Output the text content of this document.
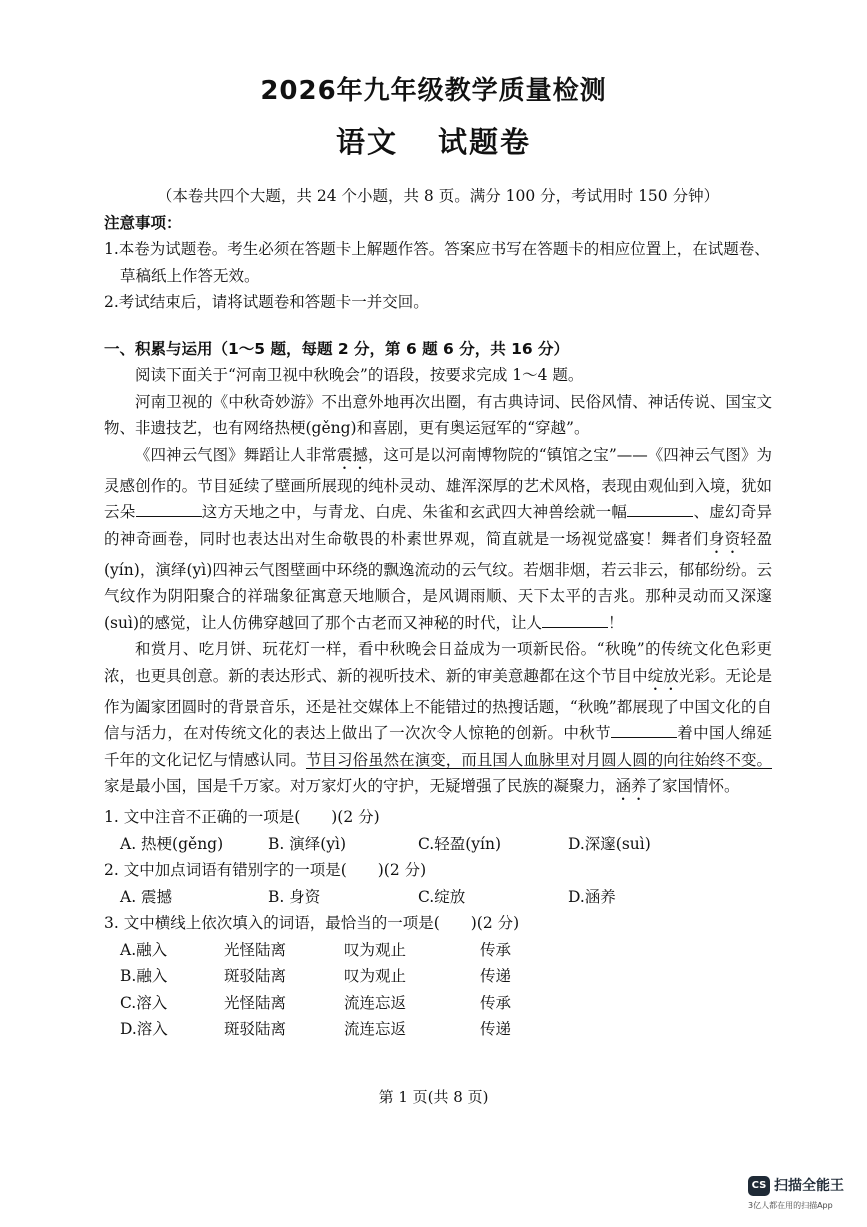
2026年九年级教学质量检测
语文 试题卷

（本卷共四个大题，共 24 个小题，共 8 页。满分 100 分，考试用时 150 分钟）

注意事项：

1.本卷为试题卷。考生必须在答题卡上解题作答。答案应书写在答题卡的相应位置上，在试题卷、草稿纸上作答无效。

2.考试结束后，请将试题卷和答题卡一并交回。

一、积累与运用（1～5 题，每题 2 分，第 6 题 6 分，共 16 分）

阅读下面关于“河南卫视中秋晚会”的语段，按要求完成 1～4 题。

河南卫视的《中秋奇妙游》不出意外地再次出圈，有古典诗词、民俗风情、神话传说、国宝文物、非遗技艺，也有网络热梗(gěng)和喜剧，更有奥运冠军的“穿越”。

《四神云气图》舞蹈让人非常震撼，这可是以河南博物院的“镇馆之宝”——《四神云气图》为灵感创作的。节目延续了壁画所展现的纯朴灵动、雄浑深厚的艺术风格，表现由观仙到入境，犹如云朵	这方天地之中，与青龙、白虎、朱雀和玄武四大神兽绘就一幅	、虚幻奇异的神奇画卷，同时也表达出对生命敬畏的朴素世界观，简直就是一场视觉盛宴！舞者们身资轻盈(yín)，演绎(yì)四神云气图壁画中环绕的飘逸流动的云气纹。若烟非烟，若云非云，郁郁纷纷。云气纹作为阴阳聚合的祥瑞象征寓意天地顺合，是风调雨顺、天下太平的吉兆。那种灵动而又深邃(suì)的感觉，让人仿佛穿越回了那个古老而又神秘的时代，让人	！

和赏月、吃月饼、玩花灯一样，看中秋晚会日益成为一项新民俗。“秋晚”的传统文化色彩更浓，也更具创意。新的表达形式、新的视听技术、新的审美意趣都在这个节目中绽放光彩。无论是作为阖家团圆时的背景音乐，还是社交媒体上不能错过的热搜话题，“秋晚”都展现了中国文化的自信与活力，在对传统文化的表达上做出了一次次令人惊艳的创新。中秋节	着中国人绵延千年的文化记忆与情感认同。节目习俗虽然在演变，而且国人血脉里对月圆人圆的向往始终不变。家是最小国，国是千万家。对万家灯火的守护，无疑增强了民族的凝聚力，涵养了家国情怀。

1. 文中注音不正确的一项是(　　)(2 分)

A. 热梗(gěng)	B. 演绎(yì)	C.轻盈(yín)	D.深邃(suì)

2. 文中加点词语有错别字的一项是(　　)(2 分)

A. 震撼	B. 身资	C.绽放	D.涵养

3. 文中横线上依次填入的词语，最恰当的一项是(　　)(2 分)

A.融入	光怪陆离	叹为观止	传承
B.融入	斑驳陆离	叹为观止	传递
C.溶入	光怪陆离	流连忘返	传承
D.溶入	斑驳陆离	流连忘返	传递
第 1 页(共 8 页)
CS 扫描全能王
3亿人都在用的扫描App
